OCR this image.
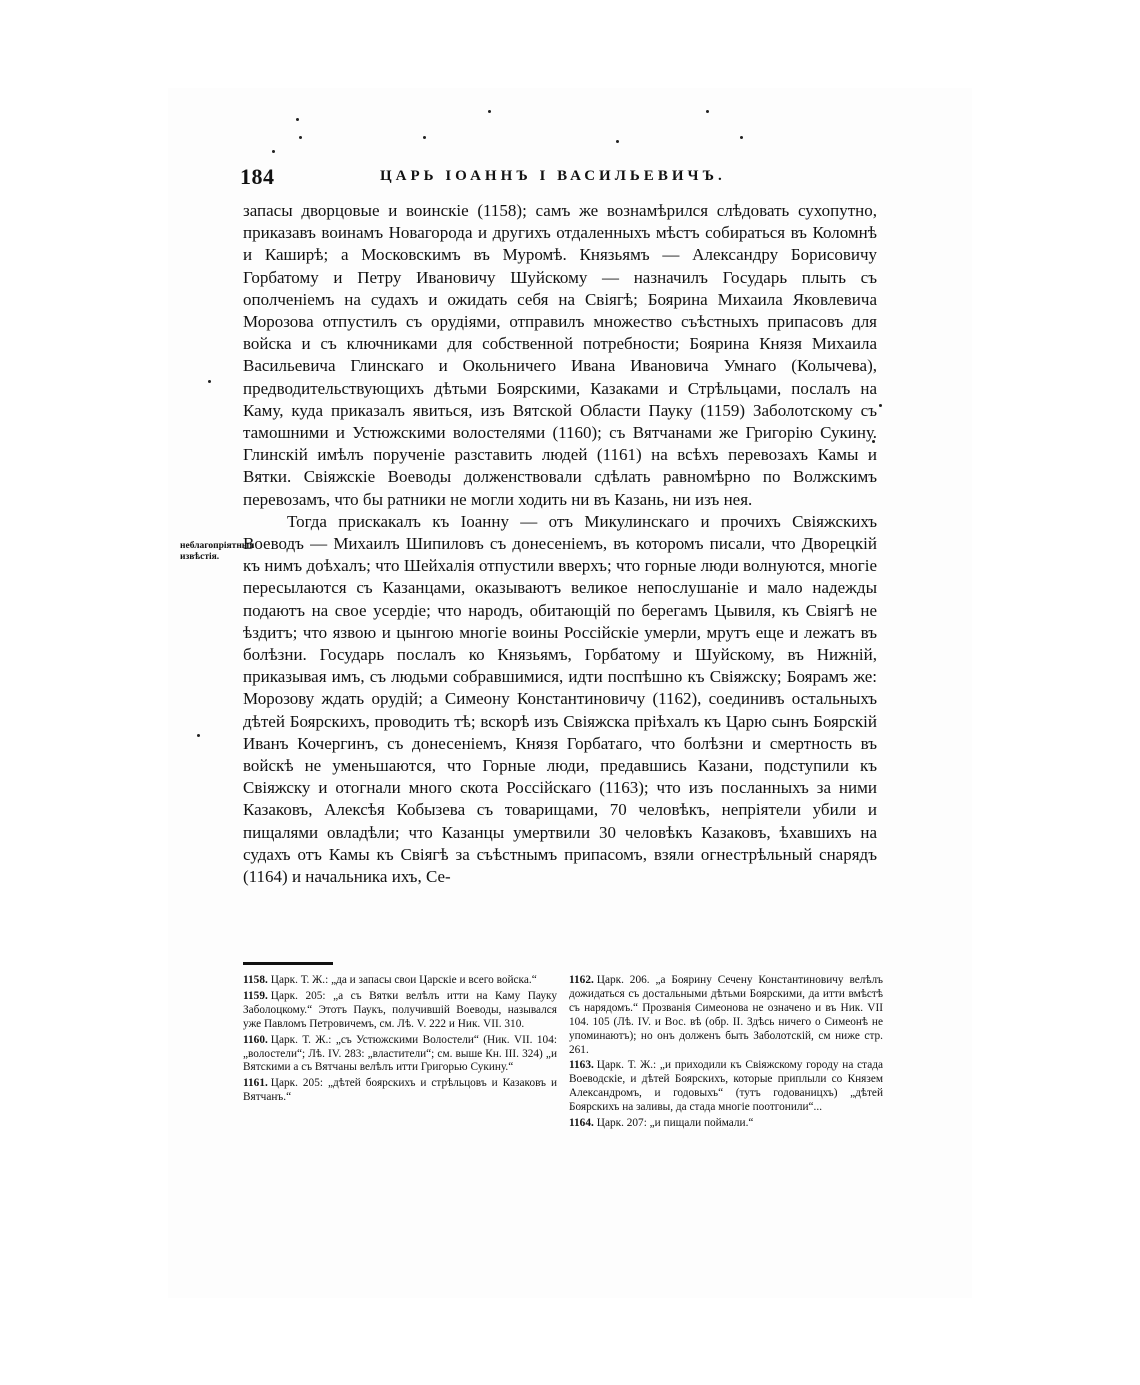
184	ЦАРЬ ІОАННЪ І ВАСИЛЬЕВИЧЪ.
неблагопріятныя извѣстія.

запасы дворцовые и воинскіе (1158); самъ же вознамѣрился слѣдовать сухопутно, приказавъ воинамъ Новагорода и другихъ отдаленныхъ мѣстъ собираться въ Коломнѣ и Каширѣ; а Московскимъ въ Муромѣ. Князьямъ — Александру Борисовичу Горбатому и Петру Ивановичу Шуйскому — назначилъ Государь плыть съ ополченіемъ на судахъ и ожидать себя на Свіягѣ; Боярина Михаила Яковлевича Морозова отпустилъ съ орудіями, отправилъ множество съѣстныхъ припасовъ для войска и съ ключниками для собственной потребности; Боярина Князя Михаила Васильевича Глинскаго и Окольничего Ивана Ивановича Умнаго (Колычева), предводительствующихъ дѣтьми Боярскими, Казаками и Стрѣльцами, послалъ на Каму, куда приказалъ явиться, изъ Вятской Области Пауку (1159) Заболотскому съ тамошними и Устюжскими волостелями (1160); съ Вятчанами же Григорію Сукину. Глинскій имѣлъ порученіе разставить людей (1161) на всѣхъ перевозахъ Камы и Вятки. Свіяжскіе Воеводы долженствовали сдѣлать равномѣрно по Волжскимъ перевозамъ, что бы ратники не могли ходить ни въ Казань, ни изъ нея.

Тогда прискакалъ къ Іоанну — отъ Микулинскаго и прочихъ Свіяжскихъ Воеводъ — Михаилъ Шипиловъ съ донесеніемъ, въ которомъ писали, что Дворецкій къ нимъ доѣхалъ; что Шейхалія отпустили вверхъ; что горные люди волнуются, многіе пересылаются съ Казанцами, оказываютъ великое непослушаніе и мало надежды подаютъ на свое усердіе; что народъ, обитающій по берегамъ Цывиля, къ Свіягѣ не ѣздитъ; что язвою и цынгою многіе воины Россійскіе умерли, мрутъ еще и лежатъ въ болѣзни. Государь послалъ ко Князьямъ, Горбатому и Шуйскому, въ Нижній, приказывая имъ, съ людьми собравшимися, идти поспѣшно къ Свіяжску; Боярамъ же: Морозову ждать орудій; а Симеону Константиновичу (1162), соединивъ остальныхъ дѣтей Боярскихъ, проводить тѣ; вскорѣ изъ Свіяжска пріѣхалъ къ Царю сынъ Боярскій Иванъ Кочергинъ, съ донесеніемъ, Князя Горбатаго, что болѣзни и смертность въ войскѣ не уменьшаются, что Горные люди, предавшись Казани, подступили къ Свіяжску и отогнали много скота Россійскаго (1163); что изъ посланныхъ за ними Казаковъ, Алексѣя Кобызева съ товарищами, 70 человѣкъ, непріятели убили и пищалями овладѣли; что Казанцы умертвили 30 человѣкъ Казаковъ, ѣхавшихъ на судахъ отъ Камы къ Свіягѣ за съѣстнымъ припасомъ, взяли огнестрѣльный снарядъ (1164) и начальника ихъ, Се-

1158. Царк. Т. Ж.: „да и запасы свои Царскіе и всего войска.“

1159. Царк. 205: „а съ Вятки велѣлъ итти на Каму Пауку Заболоцкому.“ Этотъ Паукъ, получившій Воеводы, назывался уже Павломъ Петровичемъ, см. Лѣ. V. 222 и Ник. VII. 310.

1160. Царк. Т. Ж.: „съ Устюжскими Волостели“ (Ник. VII. 104: „волостели“; Лѣ. IV. 283: „властители“; см. выше Кн. III. 324) „и Вятскими а съ Вятчаны велѣлъ итти Григорью Сукину.“

1161. Царк. 205: „дѣтей боярскихъ и стрѣльцовъ и Казаковъ и Вятчанъ.“

1162. Царк. 206. „а Боярину Сечену Константиновичу велѣлъ дожидаться съ достальными дѣтьми Боярскими, да итти вмѣстѣ съ нарядомъ.“ Прозванія Симеонова не означено и въ Ник. VII 104. 105 (Лѣ. IV. и Вос. вѣ (обр. II. Здѣсь ничего о Симеонѣ не упоминаютъ); но онъ долженъ быть Заболотскій, см ниже стр. 261.

1163. Царк. Т. Ж.: „и приходили къ Свіяжскому городу на стада Воеводскіе, и дѣтей Боярскихъ, которые приплыли со Князем Александромъ, и годовыхъ“ (тутъ годованицхъ) „дѣтей Боярскихъ на заливы, да стада многіе поотгонили“...

1164. Царк. 207: „и пищали поймали.“
